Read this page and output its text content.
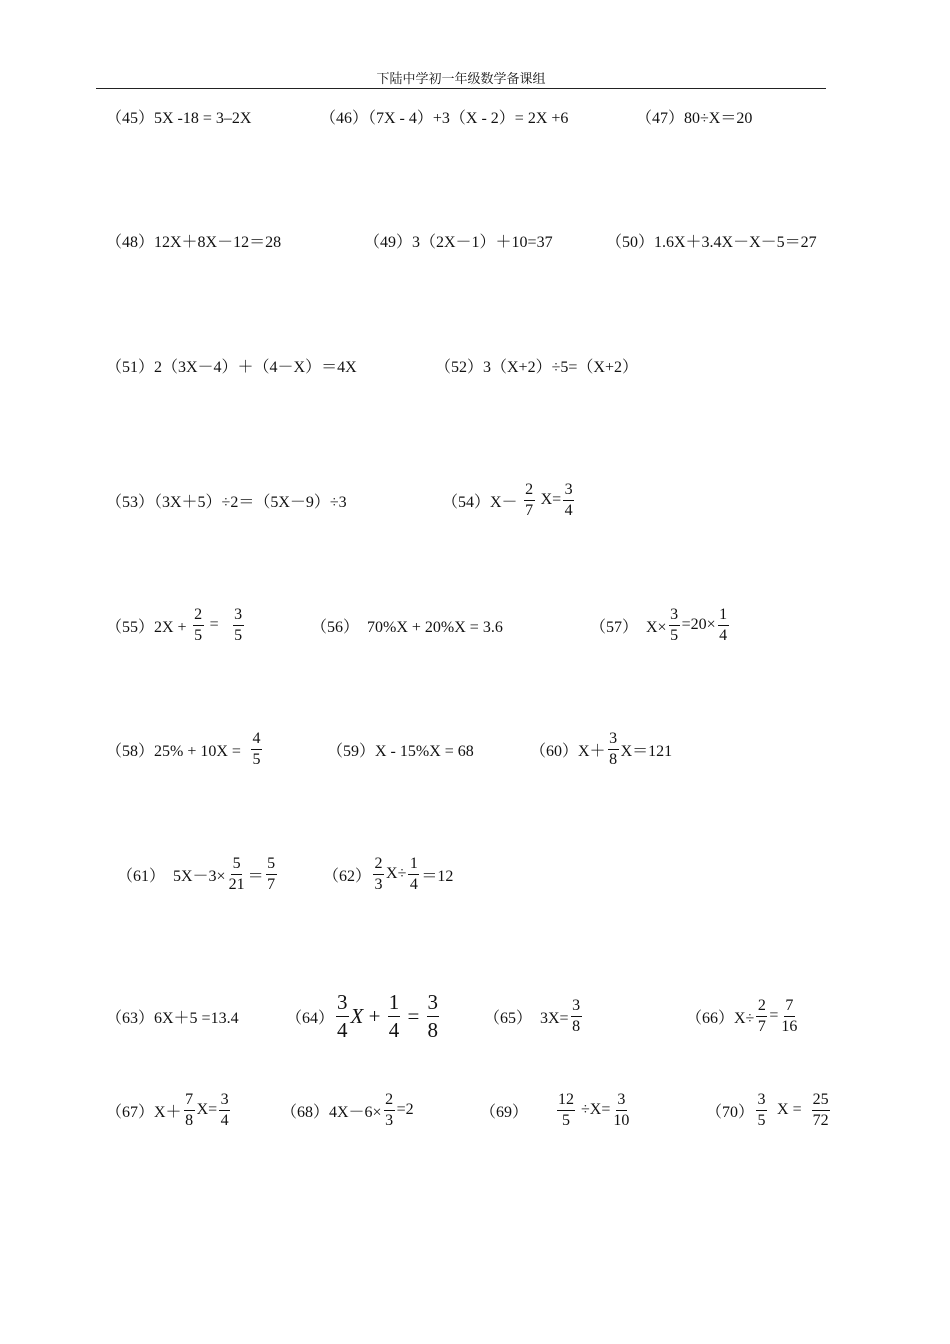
下陆中学初一年级数学备课组
（45）5X -18 = 3–2X	（46）（7X - 4）+3（X - 2）= 2X +6	（47）80÷X＝20
（48）12X＋8X－12＝28	（49）3（2X－1）＋10=37	（50）1.6X＋3.4X－X－5＝27
（51）2（3X－4）＋（4－X）＝4X	（52）3（X+2）÷5=（X+2）
（53）（3X＋5）÷2＝（5X－9）÷3	$(54)X- \frac{2}{7} X= \frac{3}{4}$
$(55)2X + \frac{2}{5} = \frac{3}{5}$	（56）  70%X + 20%X = 3.6	（57）  $X\times \frac{3}{5} =20\times \frac{1}{4}$
$(58)25\% + 10X = \frac{4}{5}$	（59）X - 15%X = 68	$(60)X+ \frac{3}{8} X=121$
（61）  $5X-3\times \frac{5}{21} = \frac{5}{7}$	$(62) \frac{2}{3} X\div \frac{1}{4} =12$
（63）6X＋5 =13.4	$(64) \frac{3}{4}$ $X + \frac{1}{4} = \frac{3}{8}$	（65）  $3X= \frac{3}{8}$	$(66)X\div \frac{2}{7} = \frac{7}{16}$
$(67)X+ \frac{7}{8} X= \frac{3}{4}$	$(68)4X-6\times \frac{2}{3} =2$	$(69) \frac{12}{5} \div X= \frac{3}{10}$	$(70) \frac{3}{5}$ $X = \frac{25}{72}$
